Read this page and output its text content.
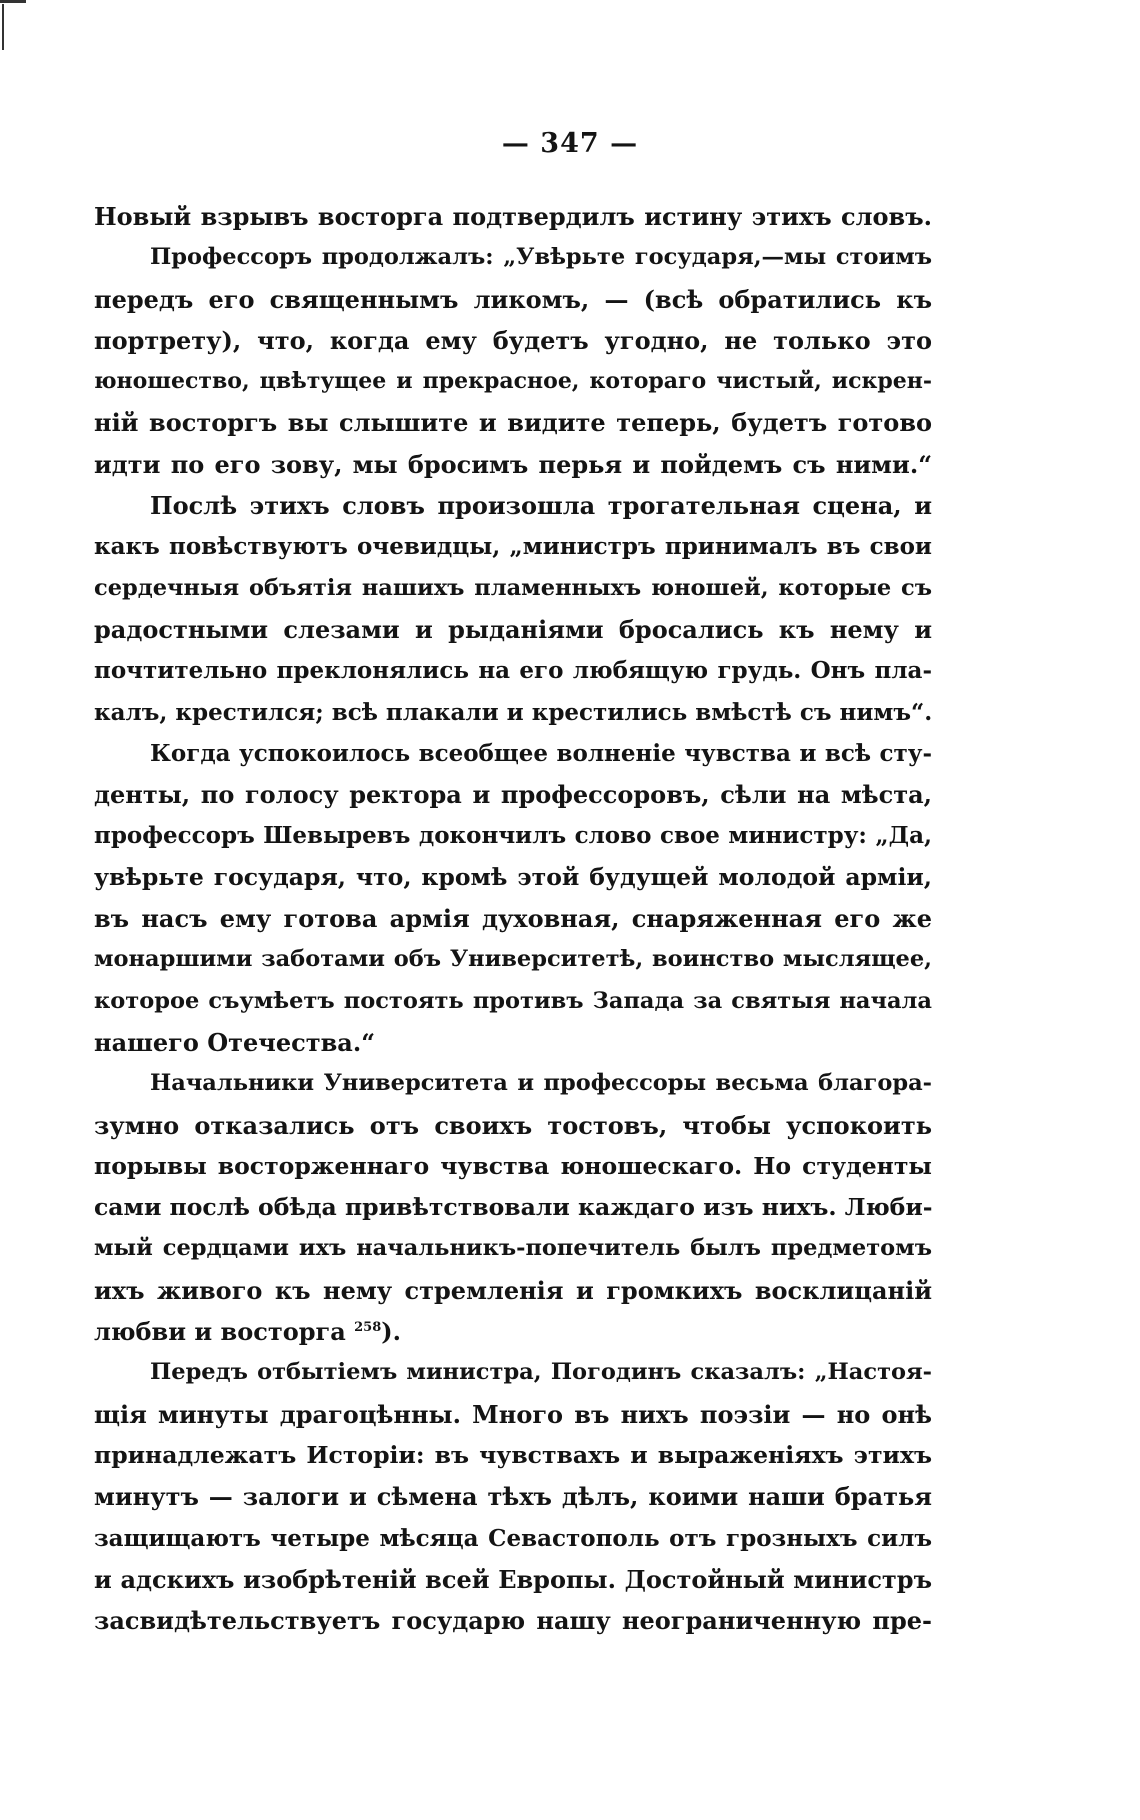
— 347 —
Новый взрывъ восторга подтвердилъ истину этихъ словъ.
Профессоръ продолжалъ: „Увѣрьте государя,—мы стоимъ
передъ его священнымъ ликомъ, — (всѣ обратились къ
портрету), что, когда ему будетъ угодно, не только это
юношество, цвѣтущее и прекрасное, котораго чистый, искрен-
ній восторгъ вы слышите и видите теперь, будетъ готово
идти по его зову, мы бросимъ перья и пойдемъ съ ними.“
Послѣ этихъ словъ произошла трогательная сцена, и
какъ повѣствуютъ очевидцы, „министръ принималъ въ свои
сердечныя объятія нашихъ пламенныхъ юношей, которые съ
радостными слезами и рыданіями бросались къ нему и
почтительно преклонялись на его любящую грудь. Онъ пла-
калъ, крестился; всѣ плакали и крестились вмѣстѣ съ нимъ“.
Когда успокоилось всеобщее волненіе чувства и всѣ сту-
денты, по голосу ректора и профессоровъ, сѣли на мѣста,
профессоръ Шевыревъ докончилъ слово свое министру: „Да,
увѣрьте государя, что, кромѣ этой будущей молодой арміи,
въ насъ ему готова армія духовная, снаряженная его же
монаршими заботами объ Университетѣ, воинство мыслящее,
которое съумѣетъ постоять противъ Запада за святыя начала
нашего Отечества.“
Начальники Университета и профессоры весьма благора-
зумно отказались отъ своихъ тостовъ, чтобы успокоить
порывы восторженнаго чувства юношескаго. Но студенты
сами послѣ обѣда привѣтствовали каждаго изъ нихъ. Люби-
мый сердцами ихъ начальникъ-попечитель былъ предметомъ
ихъ живого къ нему стремленія и громкихъ восклицаній
любви и восторга $^{258}$).
Передъ отбытіемъ министра, Погодинъ сказалъ: „Настоя-
щія минуты драгоцѣнны. Много въ нихъ поэзіи — но онѣ
принадлежатъ Исторіи: въ чувствахъ и выраженіяхъ этихъ
минутъ — залоги и сѣмена тѣхъ дѣлъ, коими наши братья
защищаютъ четыре мѣсяца Севастополь отъ грозныхъ силъ
и адскихъ изобрѣтеній всей Европы. Достойный министръ
засвидѣтельствуетъ государю нашу неограниченную пре-
